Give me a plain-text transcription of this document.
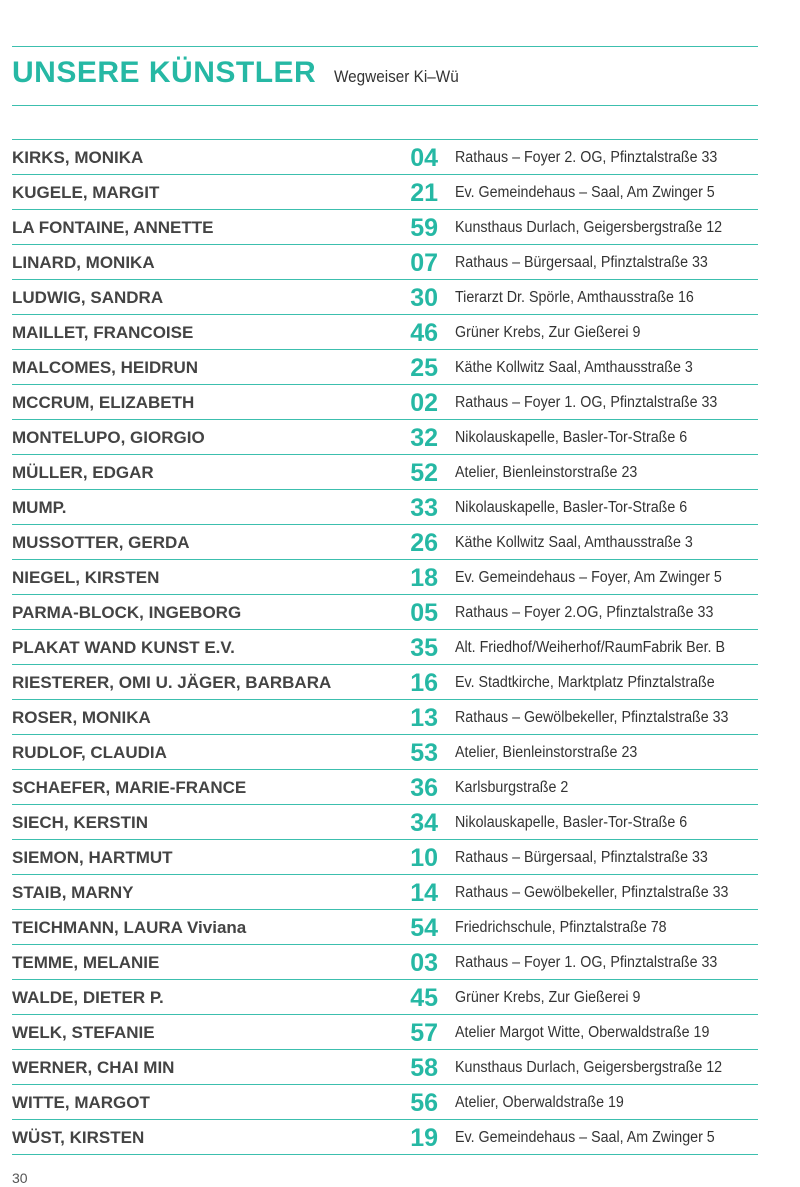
UNSERE KÜNSTLER Wegweiser Ki–Wü
KIRKS, MONIKA	04 Rathaus – Foyer 2. OG, Pfinztalstraße 33
KUGELE, MARGIT	21 Ev. Gemeindehaus – Saal, Am Zwinger 5
LA FONTAINE, ANNETTE	59 Kunsthaus Durlach, Geigersbergstraße 12
LINARD, MONIKA	07 Rathaus – Bürgersaal, Pfinztalstraße 33
LUDWIG, SANDRA	30 Tierarzt Dr. Spörle, Amthausstraße 16
MAILLET, FRANCOISE	46 Grüner Krebs, Zur Gießerei 9
MALCOMES, HEIDRUN	25 Käthe Kollwitz Saal, Amthausstraße 3
MCCRUM, ELIZABETH	02 Rathaus – Foyer 1. OG, Pfinztalstraße 33
MONTELUPO, GIORGIO	32 Nikolauskapelle, Basler-Tor-Straße 6
MÜLLER, EDGAR	52 Atelier, Bienleinstorstraße 23
MUMP.	33 Nikolauskapelle, Basler-Tor-Straße 6
MUSSOTTER, GERDA	26 Käthe Kollwitz Saal, Amthausstraße 3
NIEGEL, KIRSTEN	18 Ev. Gemeindehaus – Foyer, Am Zwinger 5
PARMA-BLOCK, INGEBORG	05 Rathaus – Foyer 2.OG, Pfinztalstraße 33
PLAKAT WAND KUNST E.V.	35 Alt. Friedhof/Weiherhof/RaumFabrik Ber. B
RIESTERER, OMI U. JÄGER, BARBARA	16 Ev. Stadtkirche, Marktplatz Pfinztalstraße
ROSER, MONIKA	13 Rathaus – Gewölbekeller, Pfinztalstraße 33
RUDLOF, CLAUDIA	53 Atelier, Bienleinstorstraße 23
SCHAEFER, MARIE-FRANCE	36 Karlsburgstraße 2
SIECH, KERSTIN	34 Nikolauskapelle, Basler-Tor-Straße 6
SIEMON, HARTMUT	10 Rathaus – Bürgersaal, Pfinztalstraße 33
STAIB, MARNY	14 Rathaus – Gewölbekeller, Pfinztalstraße 33
TEICHMANN, LAURA Viviana	54 Friedrichschule, Pfinztalstraße 78
TEMME, MELANIE	03 Rathaus – Foyer 1. OG, Pfinztalstraße 33
WALDE, DIETER P.	45 Grüner Krebs, Zur Gießerei 9
WELK, STEFANIE	57 Atelier Margot Witte, Oberwaldstraße 19
WERNER, CHAI MIN	58 Kunsthaus Durlach, Geigersbergstraße 12
WITTE, MARGOT	56 Atelier, Oberwaldstraße 19
WÜST, KIRSTEN	19 Ev. Gemeindehaus – Saal, Am Zwinger 5
30
